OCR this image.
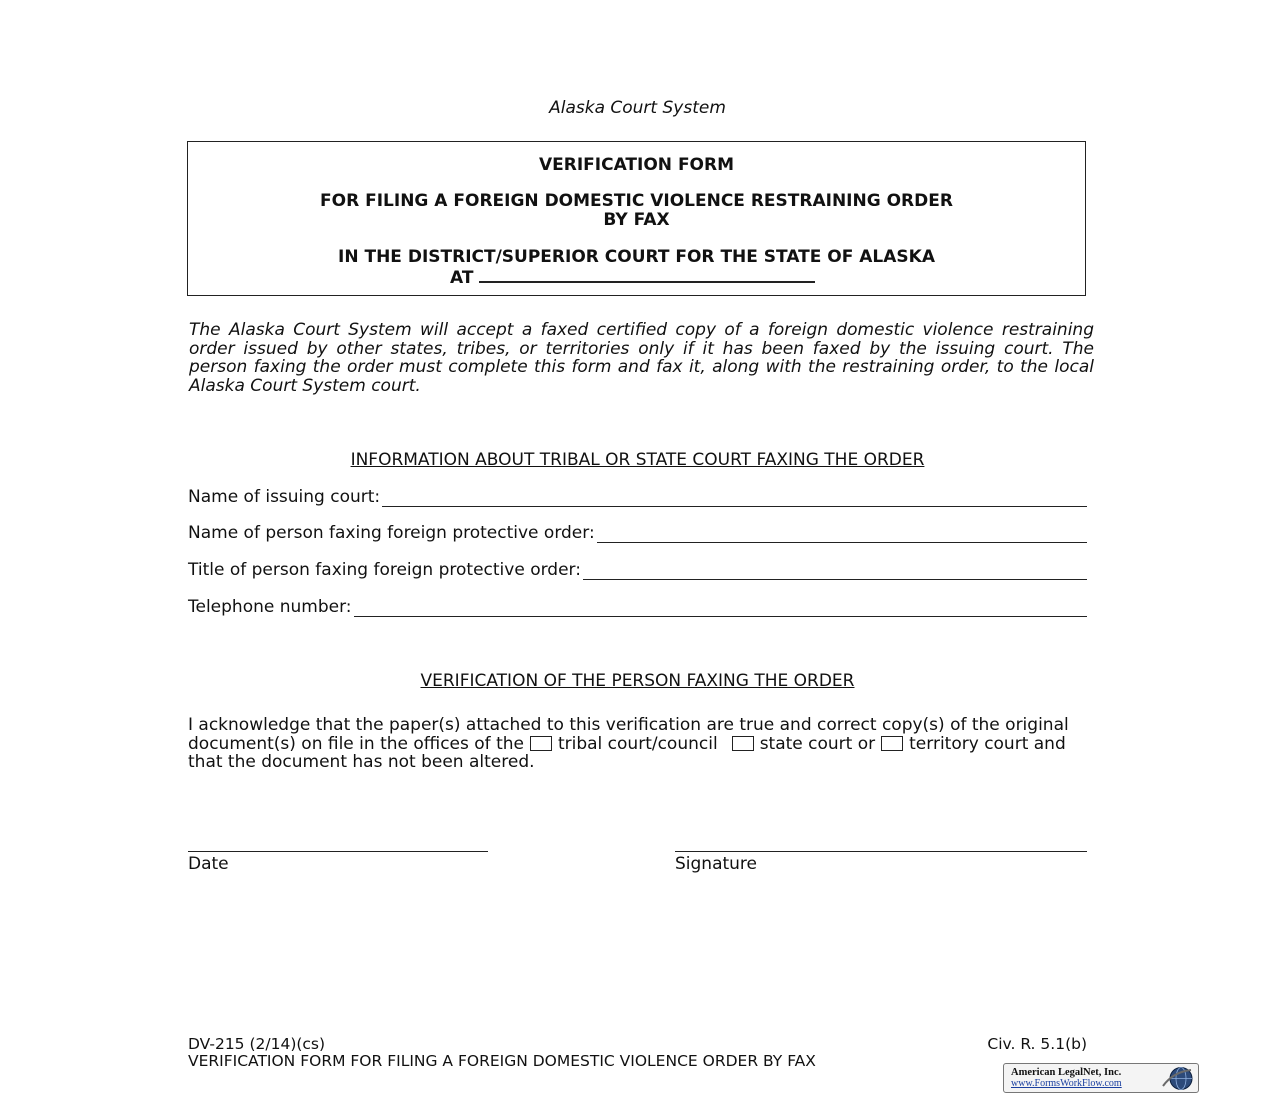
Alaska Court System
VERIFICATION FORM
FOR FILING A FOREIGN DOMESTIC VIOLENCE RESTRAINING ORDER
BY FAX
IN THE DISTRICT/SUPERIOR COURT FOR THE STATE OF ALASKA
AT
The Alaska Court System will accept a faxed certified copy of a foreign domestic violence restraining order issued by other states, tribes, or territories only if it has been faxed by the issuing court. The person faxing the order must complete this form and fax it, along with the restraining order, to the local Alaska Court System court.
INFORMATION ABOUT TRIBAL OR STATE COURT FAXING THE ORDER
Name of issuing court:
Name of person faxing foreign protective order:
Title of person faxing foreign protective order:
Telephone number:
VERIFICATION OF THE PERSON FAXING THE ORDER
I acknowledge that the paper(s) attached to this verification are true and correct copy(s) of the original document(s) on file in the offices of the tribal court/council state court or territory court and that the document has not been altered.
Date	Signature
DV-215 (2/14)(cs)	Civ. R. 5.1(b)
VERIFICATION FORM FOR FILING A FOREIGN DOMESTIC VIOLENCE ORDER BY FAX
American LegalNet, Inc.
www.FormsWorkFlow.com
